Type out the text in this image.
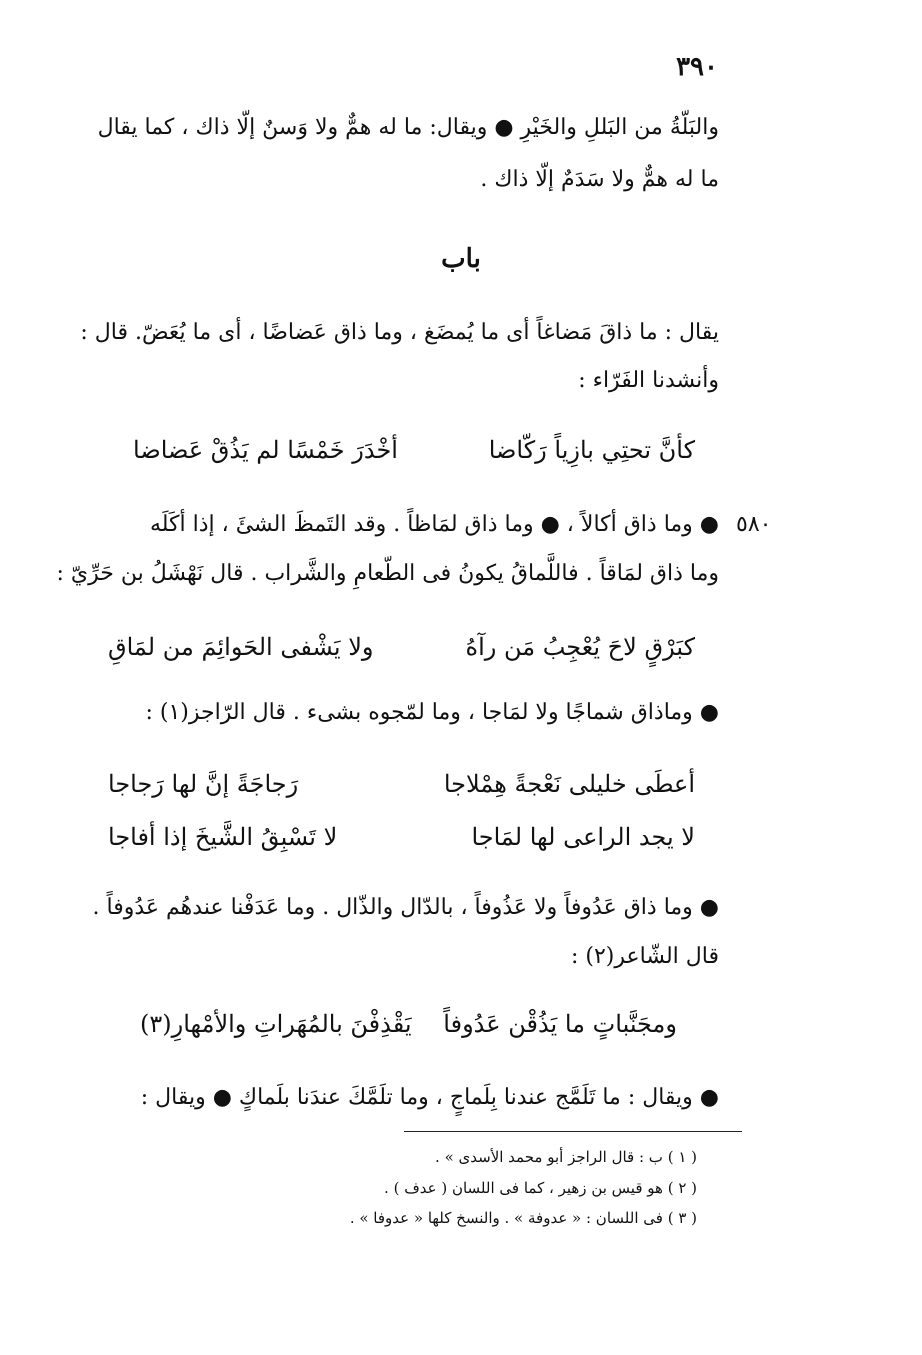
٣٩٠
والبَلّةُ من البَللِ والخَيْرِ ● ويقال: ما له همٌّ ولا وَسنٌ إلّا ذاك ، كما يقال
ما له همٌّ ولا سَدَمٌ إلّا ذاك .
باب
يقال : ما ذاقَ مَضاغاً أى ما يُمضَغ ، وما ذاق عَضاضًا ، أى ما يُعَضّ. قال :
وأنشدنا الفَرّاء :
كأنَّ تحتِي بازِياً رَكّاضا
أخْدَرَ خَمْسًا لم يَذُقْ عَضاضا
٥٨٠
● وما ذاق أكالاً ، ● وما ذاق لمَاظاً . وقد التَمظَ الشئَ ، إذا أكَلَه
وما ذاق لمَاقاً . فاللَّماقُ يكونُ فى الطّعامِ والشَّراب . قال نَهْشَلُ بن حَرِّيّ :
كبَرْقٍ لاحَ يُعْجِبُ مَن رآهُ
ولا يَشْفى الحَوائِمَ من لمَاقِ
● وماذاق شماجًا ولا لمَاجا ، وما لمّجوه بشىء . قال الرّاجز(١) :
أعطَى خليلى نَعْجةً هِمْلاجا
رَجاجَةً إنَّ لها رَجاجا
لا يجد الراعى لها لمَاجا
لا تَسْبِقُ الشَّيخَ إذا أفاجا
● وما ذاق عَدُوفاً ولا عَذُوفاً ، بالدّال والذّال . وما عَدَفْنا عندهُم عَدُوفاً .
قال الشّاعر(٢) :
ومجَنَّباتٍ ما يَذُقْن عَدُوفاً
يَقْذِفْنَ بالمُهَراتِ والأمْهارِ(٣)
● ويقال : ما تَلَمَّج عندنا بِلَماجٍ ، وما تلَمَّكَ عندَنا بلَماكٍ ● ويقال :
( ١ ) ب : قال الراجز أبو محمد الأسدى » .
( ٢ ) هو قيس بن زهير ، كما فى اللسان ( عدف ) .
( ٣ ) فى اللسان : « عدوفة » . والنسخ كلها « عدوفا » .
